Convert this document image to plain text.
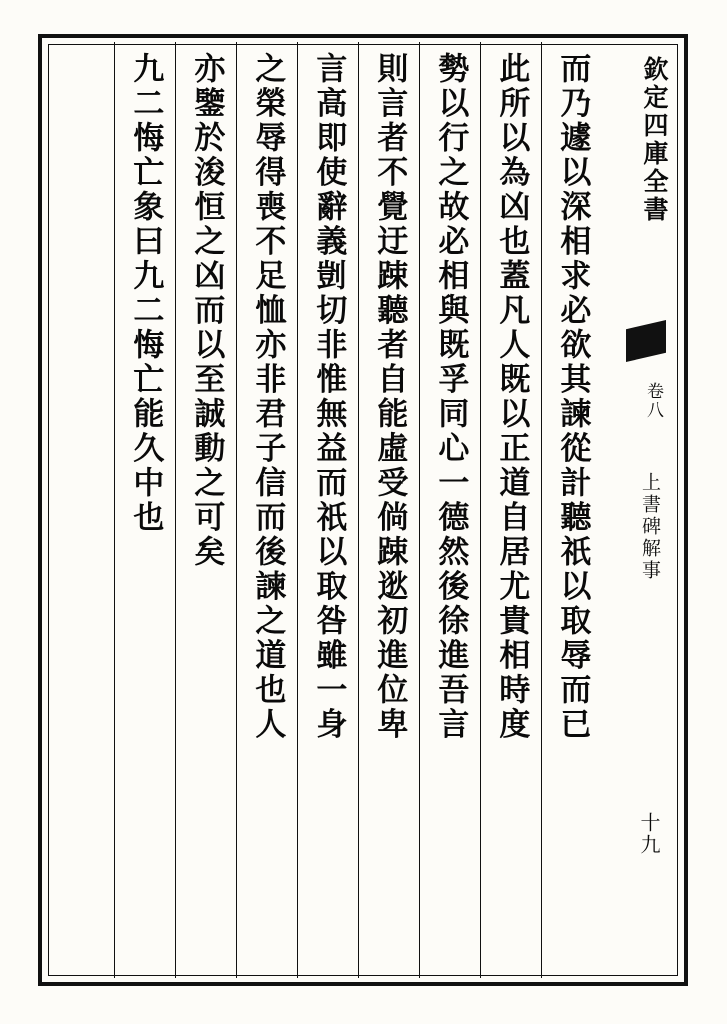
欽定四庫全書
上書碑解事
卷八
十九
而乃遽以深相求必欲其諫從計聽祇以取辱而已
此所以為凶也蓋凡人既以正道自居尤貴相時度
勢以行之故必相與既孚同心一德然後徐進吾言
則言者不覺迂踈聽者自能虛受倘踈逖初進位卑
言高即使辭義剴切非惟無益而祇以取咎雖一身
之榮辱得喪不足恤亦非君子信而後諫之道也人
亦鑒於浚恒之凶而以至誠動之可矣
九二悔亡象曰九二悔亡能久中也
